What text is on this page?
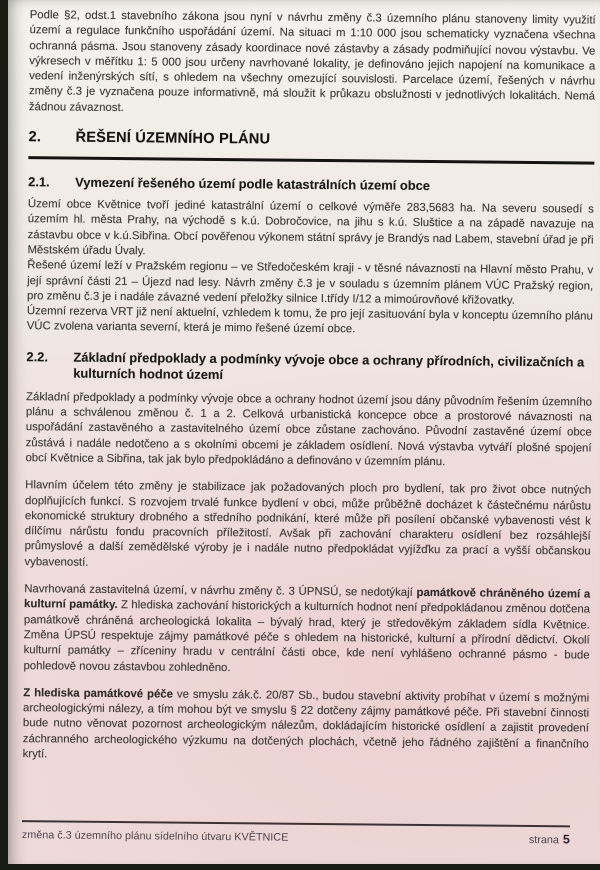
Podle §2, odst.1 stavebního zákona jsou nyní v návrhu změny č.3 územního plánu stanoveny limity využití území a regulace funkčního uspořádání území. Na situaci m 1:10 000 jsou schematicky vyznačena všechna ochranná pásma. Jsou stanoveny zásady koordinace nové zástavby a zásady podmiňující novou výstavbu. Ve výkresech v měřítku 1: 5 000 jsou určeny navrhované lokality, je definováno jejich napojení na komunikace a vedení inženýrských sítí, s ohledem na všechny omezující souvislosti. Parcelace území, řešených v návrhu změny č.3 je vyznačena pouze informativně, má sloužit k průkazu obslužnosti v jednotlivých lokalitách. Nemá žádnou závaznost.

2.	ŘEŠENÍ ÚZEMNÍHO PLÁNU
2.1.	Vymezení řešeného území podle katastrálních území obce

Území obce Květnice tvoří jediné katastrální území o celkové výměře 283,5683 ha. Na severu sousedí s územím hl. města Prahy, na východě s k.ú. Dobročovice, na jihu s k.ú. Sluštice a na západě navazuje na zástavbu obce v k.ú.Sibřina. Obcí pověřenou výkonem státní správy je Brandýs nad Labem, stavební úřad je při Městském úřadu Úvaly.

Řešené území leží v Pražském regionu – ve Středočeském kraji - v těsné návaznosti na Hlavní město Prahu, v její správní části 21 – Újezd nad lesy. Návrh změny č.3 je v souladu s územním plánem VÚC Pražský region, pro změnu č.3 je i nadále závazné vedení přeložky silnice I.třídy I/12 a mimoúrovňové křižovatky.

Územní rezerva VRT již není aktuelní, vzhledem k tomu, že pro její zasituování byla v konceptu územního plánu VÚC zvolena varianta severní, která je mimo řešené území obce.

2.2.	Základní předpoklady a podmínky vývoje obce a ochrany přírodních, civilizačních a kulturních hodnot území

Základní předpoklady a podmínky vývoje obce a ochrany hodnot území jsou dány původním řešením územního plánu a schválenou změnou č. 1 a 2. Celková urbanistická koncepce obce a prostorové návaznosti na uspořádání zastavěného a zastavitelného území obce zůstane zachováno. Původní zastavěné území obce zůstává i nadále nedotčeno a s okolními obcemi je základem osídlení. Nová výstavba vytváří plošné spojení obcí Květnice a Sibřina, tak jak bylo předpokládáno a definováno v územním plánu.

Hlavním účelem této změny je stabilizace jak požadovaných ploch pro bydlení, tak pro život obce nutných doplňujících funkcí. S rozvojem trvalé funkce bydlení v obci, může průběžně docházet k částečnému nárůstu ekonomické struktury drobného a středního podnikání, které může při posílení občanské vybavenosti vést k dílčímu nárůstu fondu pracovních příležitostí. Avšak při zachování charakteru osídlení bez rozsáhlejší průmyslové a další zemědělské výroby je i nadále nutno předpokládat vyjížďku za prací a vyšší občanskou vybaveností.

Navrhovaná zastavitelná území, v návrhu změny č. 3 ÚPNSÚ, se nedotýkají památkově chráněného území a kulturní památky. Z hlediska zachování historických a kulturních hodnot není předpokládanou změnou dotčena památkově chráněná archeologická lokalita – bývalý hrad, který je středověkým základem sídla Květnice. Změna ÚPSÚ respektuje zájmy památkové péče s ohledem na historické, kulturní a přírodní dědictví. Okolí kulturní památky – zříceniny hradu v centrální části obce, kde není vyhlášeno ochranné pásmo - bude pohledově novou zástavbou zohledněno.

Z hlediska památkové péče ve smyslu zák.č. 20/87 Sb., budou stavební aktivity probíhat v území s možnými archeologickými nálezy, a tím mohou být ve smyslu § 22 dotčeny zájmy památkové péče. Při stavební činnosti bude nutno věnovat pozornost archeologickým nálezům, dokládajícím historické osídlení a zajistit provedení záchranného archeologického výzkumu na dotčených plochách, včetně jeho řádného zajištění a finančního krytí.

změna č.3 územního plánu sídelního útvaru KVĚTNICE	strana 5
